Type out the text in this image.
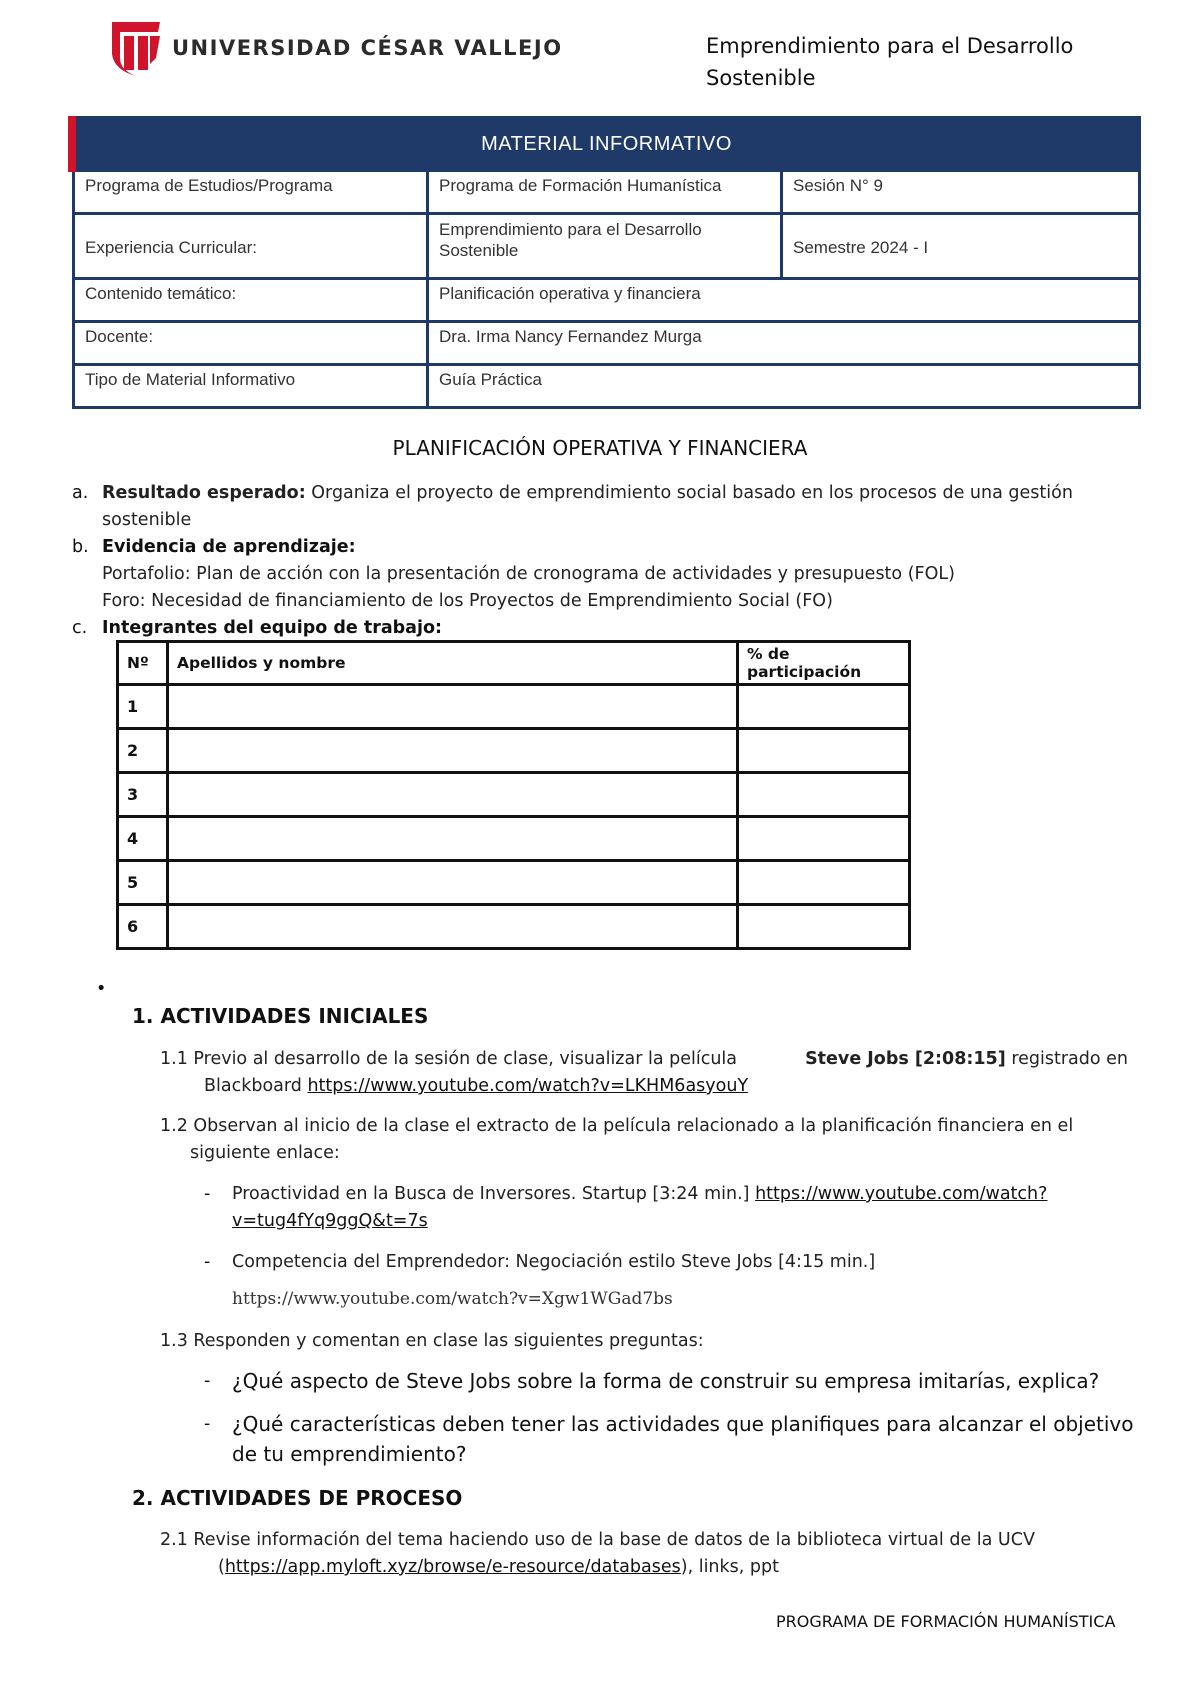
UNIVERSIDAD CÉSAR VALLEJO	Emprendimiento para el Desarrollo Sostenible
MATERIAL INFORMATIVO		
Programa de Estudios/Programa	Programa de Formación Humanística	Sesión N° 9
Experiencia Curricular:	Emprendimiento para el Desarrollo Sostenible	Semestre 2024 - I
Contenido temático:	Planificación operativa y financiera	
Docente:	Dra. Irma Nancy Fernandez Murga	
Tipo de Material Informativo	Guía Práctica	
PLANIFICACIÓN OPERATIVA Y FINANCIERA
a. Resultado esperado: Organiza el proyecto de emprendimiento social basado en los procesos de una gestión sostenible
b. Evidencia de aprendizaje:
Portafolio: Plan de acción con la presentación de cronograma de actividades y presupuesto (FOL)
Foro: Necesidad de financiamiento de los Proyectos de Emprendimiento Social (FO)
c. Integrantes del equipo de trabajo:
Nº	Apellidos y nombre	% de participación
1		
2		
3		
4		
5		
6		
•
1. ACTIVIDADES INICIALES
1.1 Previo al desarrollo de la sesión de clase, visualizar la película	Steve Jobs [2:08:15] registrado en
Blackboard https://www.youtube.com/watch?v=LKHM6asyouY
1.2 Observan al inicio de la clase el extracto de la película relacionado a la planificación financiera en el
siguiente enlace:
- Proactividad en la Busca de Inversores. Startup [3:24 min.] https://www.youtube.com/watch?
v=tug4fYq9ggQ&t=7s
- Competencia del Emprendedor: Negociación estilo Steve Jobs [4:15 min.]
https://www.youtube.com/watch?v=Xgw1WGad7bs
1.3 Responden y comentan en clase las siguientes preguntas:
- ¿Qué aspecto de Steve Jobs sobre la forma de construir su empresa imitarías, explica?
- ¿Qué características deben tener las actividades que planifiques para alcanzar el objetivo
de tu emprendimiento?
2. ACTIVIDADES DE PROCESO
2.1 Revise información del tema haciendo uso de la base de datos de la biblioteca virtual de la UCV
(https://app.myloft.xyz/browse/e-resource/databases), links, ppt
PROGRAMA DE FORMACIÓN HUMANÍSTICA
